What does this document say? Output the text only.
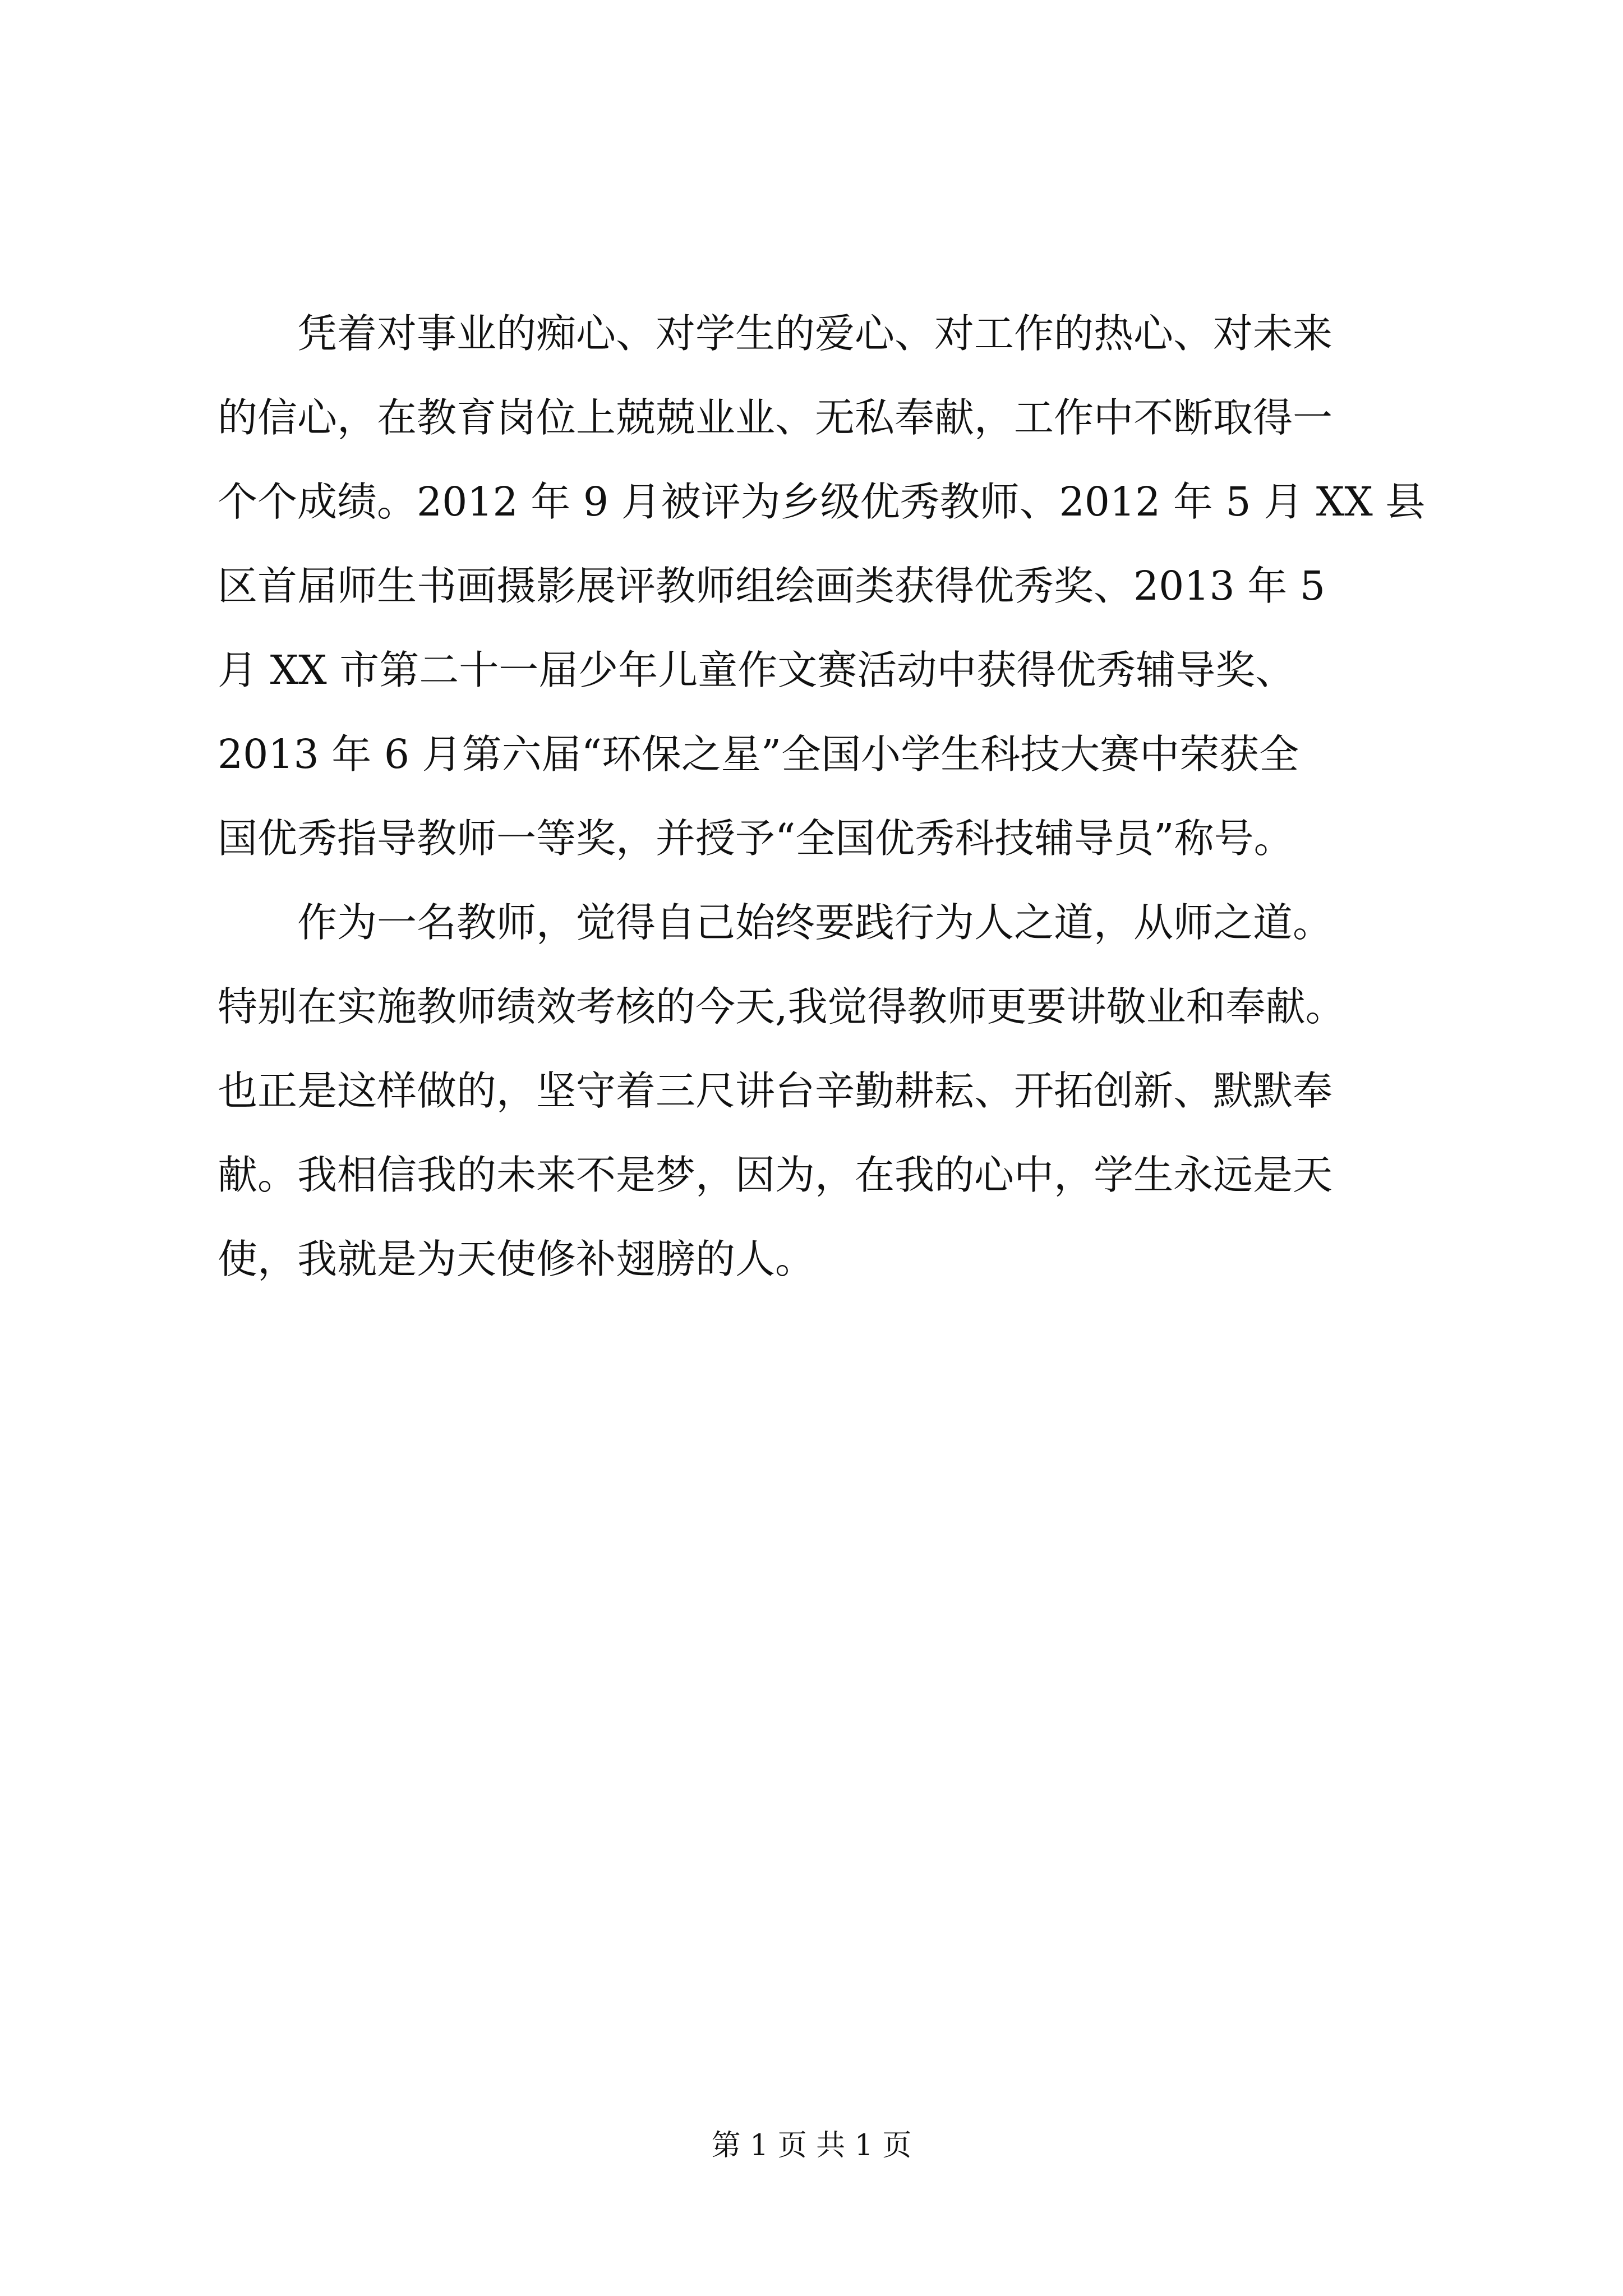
凭着对事业的痴心、对学生的爱心、对工作的热心、对未来
的信心，在教育岗位上兢兢业业、无私奉献，工作中不断取得一
个个成绩。2012 年 9 月被评为乡级优秀教师、2012 年 5 月 XX 县
区首届师生书画摄影展评教师组绘画类获得优秀奖、2013 年 5
月 XX 市第二十一届少年儿童作文赛活动中获得优秀辅导奖、
2013 年 6 月第六届“环保之星”全国小学生科技大赛中荣获全
国优秀指导教师一等奖，并授予“全国优秀科技辅导员”称号。
作为一名教师，觉得自己始终要践行为人之道，从师之道。
特别在实施教师绩效考核的今天,我觉得教师更要讲敬业和奉献。
也正是这样做的，坚守着三尺讲台辛勤耕耘、开拓创新、默默奉
献。我相信我的未来不是梦，因为，在我的心中，学生永远是天
使，我就是为天使修补翅膀的人。
第 1 页 共 1 页
